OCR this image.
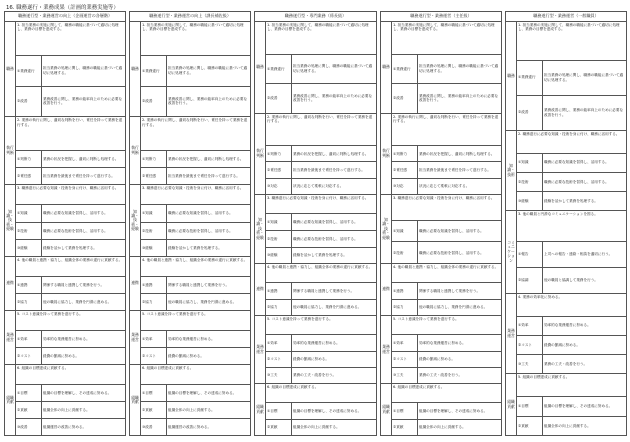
16. 職務遂行・業務成果（計画的業務実施等）
職務遂行型・業務運営の向上（企画運営の各層階）		
職務	1. 担当業務の実施に関して、職務の職能に基づいて適切に処理し、業務の目標を達成する。	
	①業務遂行	担当業務の処理に関し、職務の職能に基づいて適切に処理する。
	②改善	業務改善に関し、業務の能率向上のために必要な改善を行う。
執行判断	2. 業務の執行に関し、適切な判断を行い、責任を持って業務を遂行する。	
	①判断力	業務の状況を把握し、適切に判断し処理する。
	②責任感	担当業務を最後まで責任を持って遂行する。
知識・技術・経験	3. 職務遂行に必要な知識・技術を身に付け、職務に活用する。	
	①知識	職務に必要な知識を習得し、活用する。
	②技術	職務に必要な技術を習得し、活用する。
	③経験	経験を活かして業務を処理する。
連携	4. 他の職員と連携・協力し、組織全体の業務の遂行に貢献する。	
	①連携	関係する職員と連携して業務を行う。
	②協力	他の職員に協力し、業務を円滑に進める。
業務運営	5. コスト意識を持って業務を遂行する。	
	①効率	効率的な業務運営に努める。
	②コスト	経費の節減に努める。
組織貢献	6. 組織の目標達成に貢献する。	
	①目標	組織の目標を理解し、その達成に努める。
	②貢献	組織全体の向上に貢献する。
	③改善	組織運営の改善に努める。
職務遂行型・業務運営の向上（課長補佐級）		
職務	1. 担当業務の実施に関して、職務の職能に基づいて適切に処理し、業務の目標を達成する。	
	①業務遂行	担当業務の処理に関し、職務の職能に基づいて適切に処理する。
	②改善	業務改善に関し、業務の能率向上のために必要な改善を行う。
執行判断	2. 業務の執行に関し、適切な判断を行い、責任を持って業務を遂行する。	
	①判断力	業務の状況を把握し、適切に判断し処理する。
	②責任感	担当業務を最後まで責任を持って遂行する。
知識・技術・経験	3. 職務遂行に必要な知識・技術を身に付け、職務に活用する。	
	①知識	職務に必要な知識を習得し、活用する。
	②技術	職務に必要な技術を習得し、活用する。
	③経験	経験を活かして業務を処理する。
連携	4. 他の職員と連携・協力し、組織全体の業務の遂行に貢献する。	
	①連携	関係する職員と連携して業務を行う。
	②協力	他の職員に協力し、業務を円滑に進める。
業務運営	5. コスト意識を持って業務を遂行する。	
	①効率	効率的な業務運営に努める。
	②コスト	経費の節減に努める。
組織貢献	6. 組織の目標達成に貢献する。	
	①目標	組織の目標を理解し、その達成に努める。
	②貢献	組織全体の向上に貢献する。
	③改善	組織運営の改善に努める。
職務遂行型・専門業務（係長級）		
職務	1. 担当業務の実施に関して、職務の職能に基づいて適切に処理し、業務の目標を達成する。	
	①業務遂行	担当業務の処理に関し、職務の職能に基づいて適切に処理する。
	②改善	業務改善に関し、業務の能率向上のために必要な改善を行う。
執行判断	2. 業務の執行に関し、適切な判断を行い、責任を持って業務を遂行する。	
	①判断力	業務の状況を把握し、適切に判断し処理する。
	②責任感	担当業務を最後まで責任を持って遂行する。
	③対応	状況に応じて柔軟に対応する。
知識・技術・経験	3. 職務遂行に必要な知識・技術を身に付け、職務に活用する。	
	①知識	職務に必要な知識を習得し、活用する。
	②技術	職務に必要な技術を習得し、活用する。
	③経験	経験を活かして業務を処理する。
連携	4. 他の職員と連携・協力し、組織全体の業務の遂行に貢献する。	
	①連携	関係する職員と連携して業務を行う。
	②協力	他の職員に協力し、業務を円滑に進める。
業務運営	5. コスト意識を持って業務を遂行する。	
	①効率	効率的な業務運営に努める。
	②コスト	経費の節減に努める。
	③工夫	業務の工夫・改善を行う。
組織貢献	6. 組織の目標達成に貢献する。	
	①目標	組織の目標を理解し、その達成に努める。
	②貢献	組織全体の向上に貢献する。
職務遂行型・業務運営（主任級）		
職務	1. 担当業務の実施に関して、職務の職能に基づいて適切に処理し、業務の目標を達成する。	
	①業務遂行	担当業務の処理に関し、職務の職能に基づいて適切に処理する。
	②改善	業務改善に関し、業務の能率向上のために必要な改善を行う。
執行判断	2. 業務の執行に関し、適切な判断を行い、責任を持って業務を遂行する。	
	①判断力	業務の状況を把握し、適切に判断し処理する。
	②責任感	担当業務を最後まで責任を持って遂行する。
	③対応	状況に応じて柔軟に対応する。
知識・技術・経験	3. 職務遂行に必要な知識・技術を身に付け、職務に活用する。	
	①知識	職務に必要な知識を習得し、活用する。
	②技術	職務に必要な技術を習得し、活用する。
連携	4. 他の職員と連携・協力し、組織全体の業務の遂行に貢献する。	
	①連携	関係する職員と連携して業務を行う。
	②協力	他の職員に協力し、業務を円滑に進める。
業務運営	5. コスト意識を持って業務を遂行する。	
	①効率	効率的な業務運営に努める。
	②コスト	経費の節減に努める。
	③工夫	業務の工夫・改善を行う。
組織貢献	6. 組織の目標達成に貢献する。	
	①目標	組織の目標を理解し、その達成に努める。
	②貢献	組織全体の向上に貢献する。
職務遂行型・業務運営（一般職員）		
職務	1. 担当業務の実施に関して、職務の職能に基づいて適切に処理し、業務の目標を達成する。	
	①業務遂行	担当業務の処理に関し、職務の職能に基づいて適切に処理する。
	②改善	業務改善に関し、業務の能率向上のために必要な改善を行う。
知識・技術	2. 職務遂行に必要な知識・技術を身に付け、職務に活用する。	
	①知識	職務に必要な知識を習得し、活用する。
	②技術	職務に必要な技術を習得し、活用する。
	③経験	経験を活かして業務を処理する。
コミュニケーション	3. 他の職員と円滑なコミュニケーションを図る。	
	①報告	上司への報告・連絡・相談を適切に行う。
	②協調	他の職員と協調して業務を行う。
業務運営	4. 業務の効率化に努める。	
	①効率	効率的な業務運営に努める。
	②コスト	経費の節減に努める。
	③工夫	業務の工夫・改善を行う。
組織貢献	5. 組織の目標達成に貢献する。	
	①目標	組織の目標を理解し、その達成に努める。
	②貢献	組織全体の向上に貢献する。
